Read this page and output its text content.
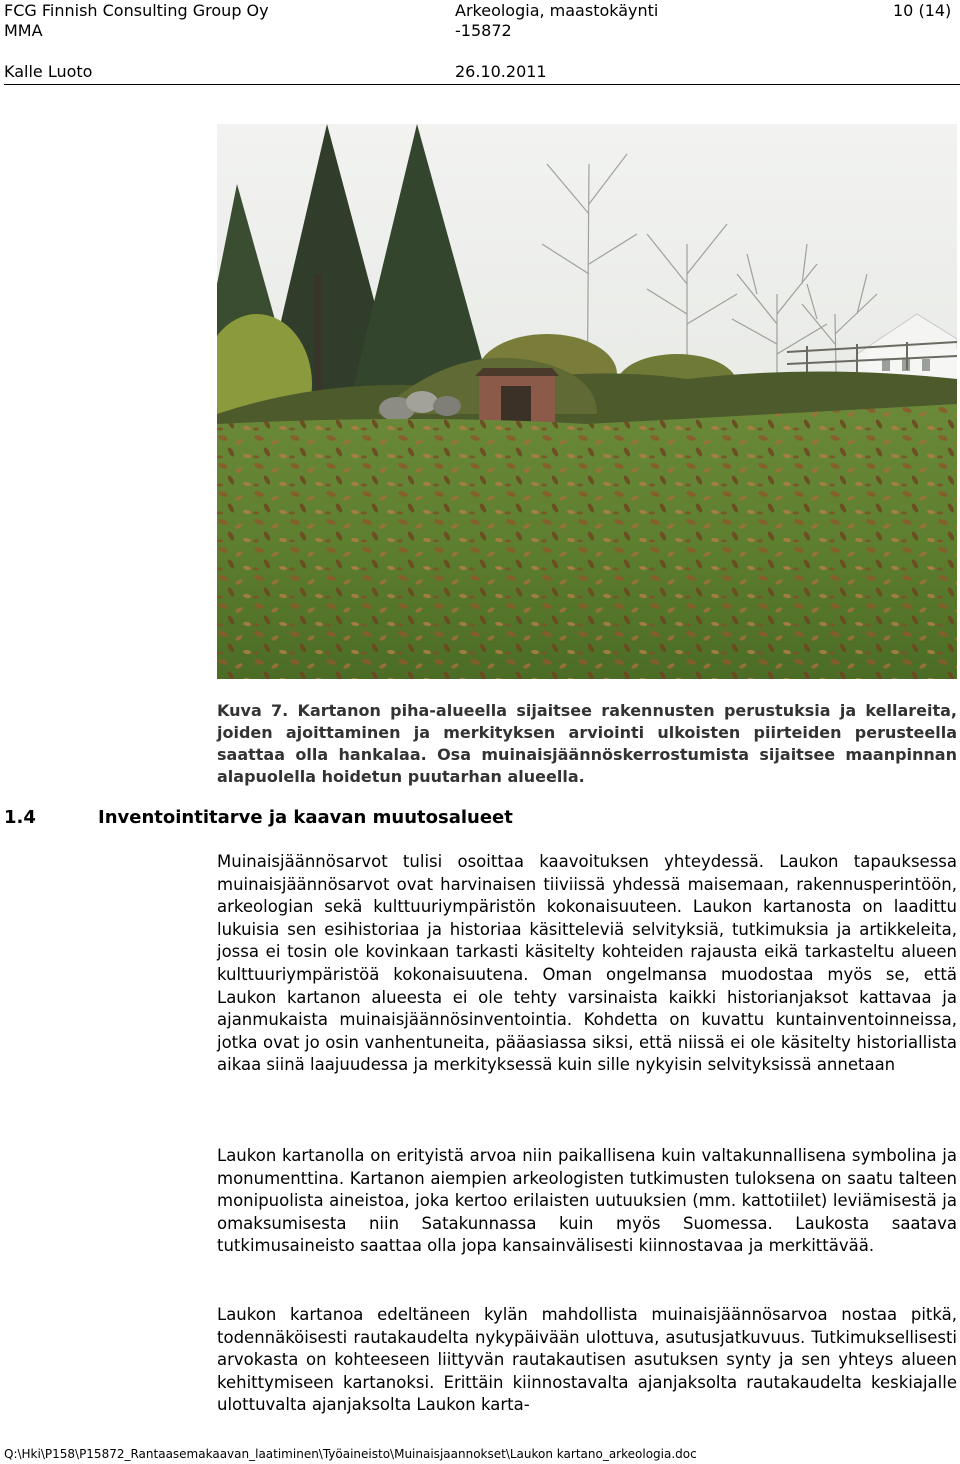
FCG Finnish Consulting Group Oy
MMA
Kalle Luoto
Arkeologia, maastokäynti
-15872
26.10.2011
10 (14)
Kuva 7. Kartanon piha-alueella sijaitsee rakennusten perustuksia ja kellareita, joiden ajoittaminen ja merkityksen arviointi ulkoisten piirteiden perusteella saattaa olla hankalaa. Osa muinaisjäännöskerrostumista sijaitsee maanpinnan alapuolella hoidetun puutarhan alueella.
1.4	Inventointitarve ja kaavan muutosalueet

Muinaisjäännösarvot tulisi osoittaa kaavoituksen yhteydessä. Laukon tapauksessa muinaisjäännösarvot ovat harvinaisen tiiviissä yhdessä maisemaan, rakennusperintöön, arkeologian sekä kulttuuriympäristön kokonaisuuteen. Laukon kartanosta on laadittu lukuisia sen esihistoriaa ja historiaa käsitteleviä selvityksiä, tutkimuksia ja artikkeleita, jossa ei tosin ole kovinkaan tarkasti käsitelty kohteiden rajausta eikä tarkasteltu alueen kulttuuriympäristöä kokonaisuutena. Oman ongelmansa muodostaa myös se, että Laukon kartanon alueesta ei ole tehty varsinaista kaikki historianjaksot kattavaa ja ajanmukaista muinaisjäännösinventointia. Kohdetta on kuvattu kuntainventoinneissa, jotka ovat jo osin vanhentuneita, pääasiassa siksi, että niissä ei ole käsitelty historiallista aikaa siinä laajuudessa ja merkityksessä kuin sille nykyisin selvityksissä annetaan

Laukon kartanolla on erityistä arvoa niin paikallisena kuin valtakunnallisena symbolina ja monumenttina. Kartanon aiempien arkeologisten tutkimusten tuloksena on saatu talteen monipuolista aineistoa, joka kertoo erilaisten uutuuksien (mm. kattotiilet) leviämisestä ja omaksumisesta niin Satakunnassa kuin myös Suomessa. Laukosta saatava tutkimusaineisto saattaa olla jopa kansainvälisesti kiinnostavaa ja merkittävää.

Laukon kartanoa edeltäneen kylän mahdollista muinaisjäännösarvoa nostaa pitkä, todennäköisesti rautakaudelta nykypäivään ulottuva, asutusjatkuvuus. Tutkimuksellisesti arvokasta on kohteeseen liittyvän rautakautisen asutuksen synty ja sen yhteys alueen kehittymiseen kartanoksi. Erittäin kiinnostavalta ajanjaksolta rautakaudelta keskiajalle ulottuvalta ajanjaksolta Laukon karta-

Q:\Hki\P158\P15872_Rantaasemakaavan_laatiminen\Työaineisto\Muinaisjaannokset\Laukon kartano_arkeologia.doc
